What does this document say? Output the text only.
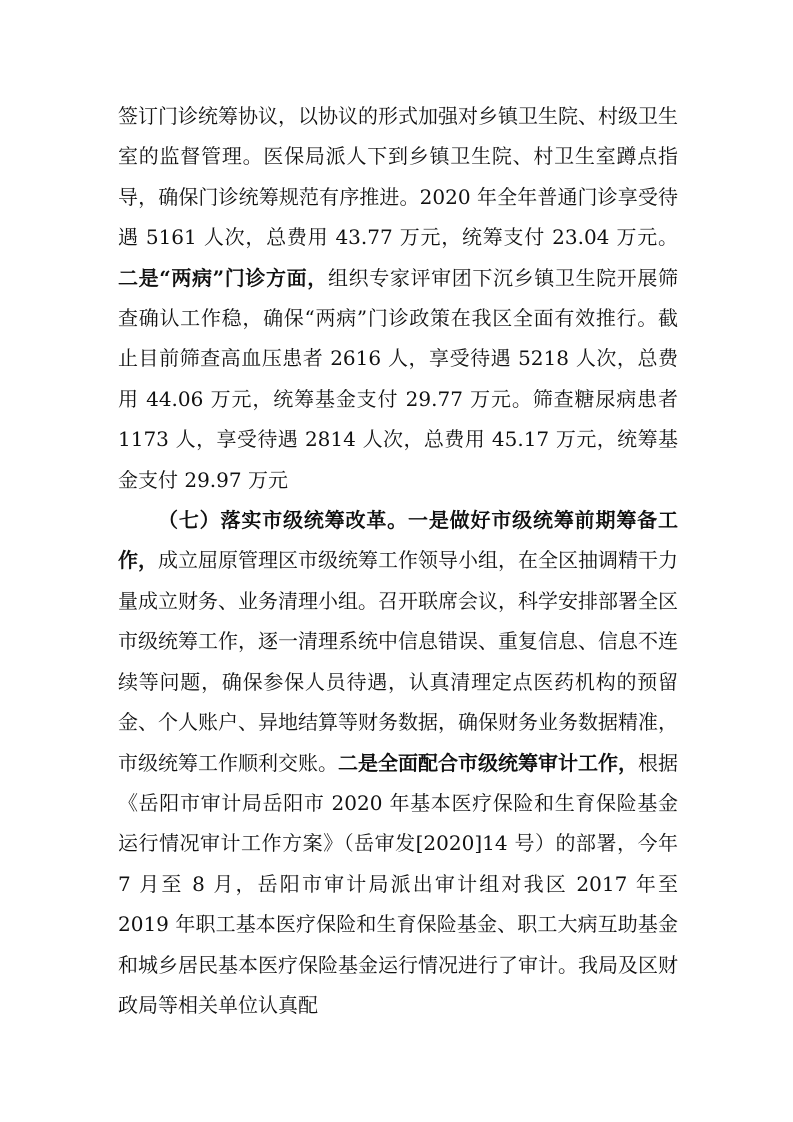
签订门诊统筹协议，以协议的形式加强对乡镇卫生院、村级卫生室的监督管理。医保局派人下到乡镇卫生院、村卫生室蹲点指导，确保门诊统筹规范有序推进。2020 年全年普通门诊享受待遇 5161 人次，总费用 43.77 万元，统筹支付 23.04 万元。二是“两病”门诊方面，组织专家评审团下沉乡镇卫生院开展筛查确认工作稳，确保“两病”门诊政策在我区全面有效推行。截止目前筛查高血压患者 2616 人，享受待遇 5218 人次，总费用 44.06 万元，统筹基金支付 29.77 万元。筛查糖尿病患者 1173 人，享受待遇 2814 人次，总费用 45.17 万元，统筹基金支付 29.97 万元

（七）落实市级统筹改革。一是做好市级统筹前期筹备工作，成立屈原管理区市级统筹工作领导小组，在全区抽调精干力量成立财务、业务清理小组。召开联席会议，科学安排部署全区市级统筹工作，逐一清理系统中信息错误、重复信息、信息不连续等问题，确保参保人员待遇，认真清理定点医药机构的预留金、个人账户、异地结算等财务数据，确保财务业务数据精准，市级统筹工作顺利交账。二是全面配合市级统筹审计工作，根据《岳阳市审计局岳阳市 2020 年基本医疗保险和生育保险基金运行情况审计工作方案》（岳审发[2020]14 号）的部署，今年 7 月至 8 月，岳阳市审计局派出审计组对我区 2017 年至 2019 年职工基本医疗保险和生育保险基金、职工大病互助基金和城乡居民基本医疗保险基金运行情况进行了审计。我局及区财政局等相关单位认真配
